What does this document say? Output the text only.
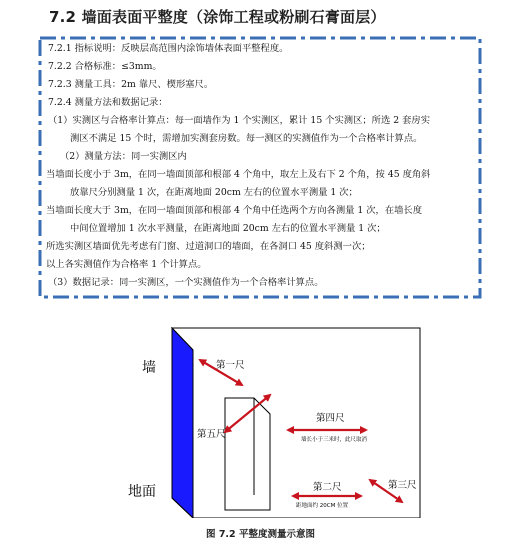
7.2 墙面表面平整度（涂饰工程或粉刷石膏面层）
7.2.1 指标说明：反映层高范围内涂饰墙体表面平整程度。
7.2.2 合格标准：≤3mm。
7.2.3 测量工具：2m 靠尺、楔形塞尺。
7.2.4 测量方法和数据记录：
（1）实测区与合格率计算点：每一面墙作为 1 个实测区，累计 15 个实测区；所选 2 套房实
测区不满足 15 个时，需增加实测套房数。每一测区的实测值作为一个合格率计算点。
（2）测量方法：同一实测区内
当墙面长度小于 3m，在同一墙面顶部和根部 4 个角中，取左上及右下 2 个角，按 45 度角斜
放靠尺分别测量 1 次，在距离地面 20cm 左右的位置水平测量 1 次；
当墙面长度大于 3m，在同一墙面顶部和根部 4 个角中任选两个方向各测量 1 次，在墙长度
中间位置增加 1 次水平测量，在距离地面 20cm 左右的位置水平测量 1 次；
所选实测区墙面优先考虑有门窗、过道洞口的墙面，在各洞口 45 度斜测一次；
以上各实测值作为合格率 1 个计算点。
（3）数据记录：同一实测区，一个实测值作为一个合格率计算点。
墙
地面
第一尺
第五尺
第四尺
墙长小于三米时，此尺取消
第二尺
距地面约 20CM 位置
第三尺
图 7.2 平整度测量示意图
